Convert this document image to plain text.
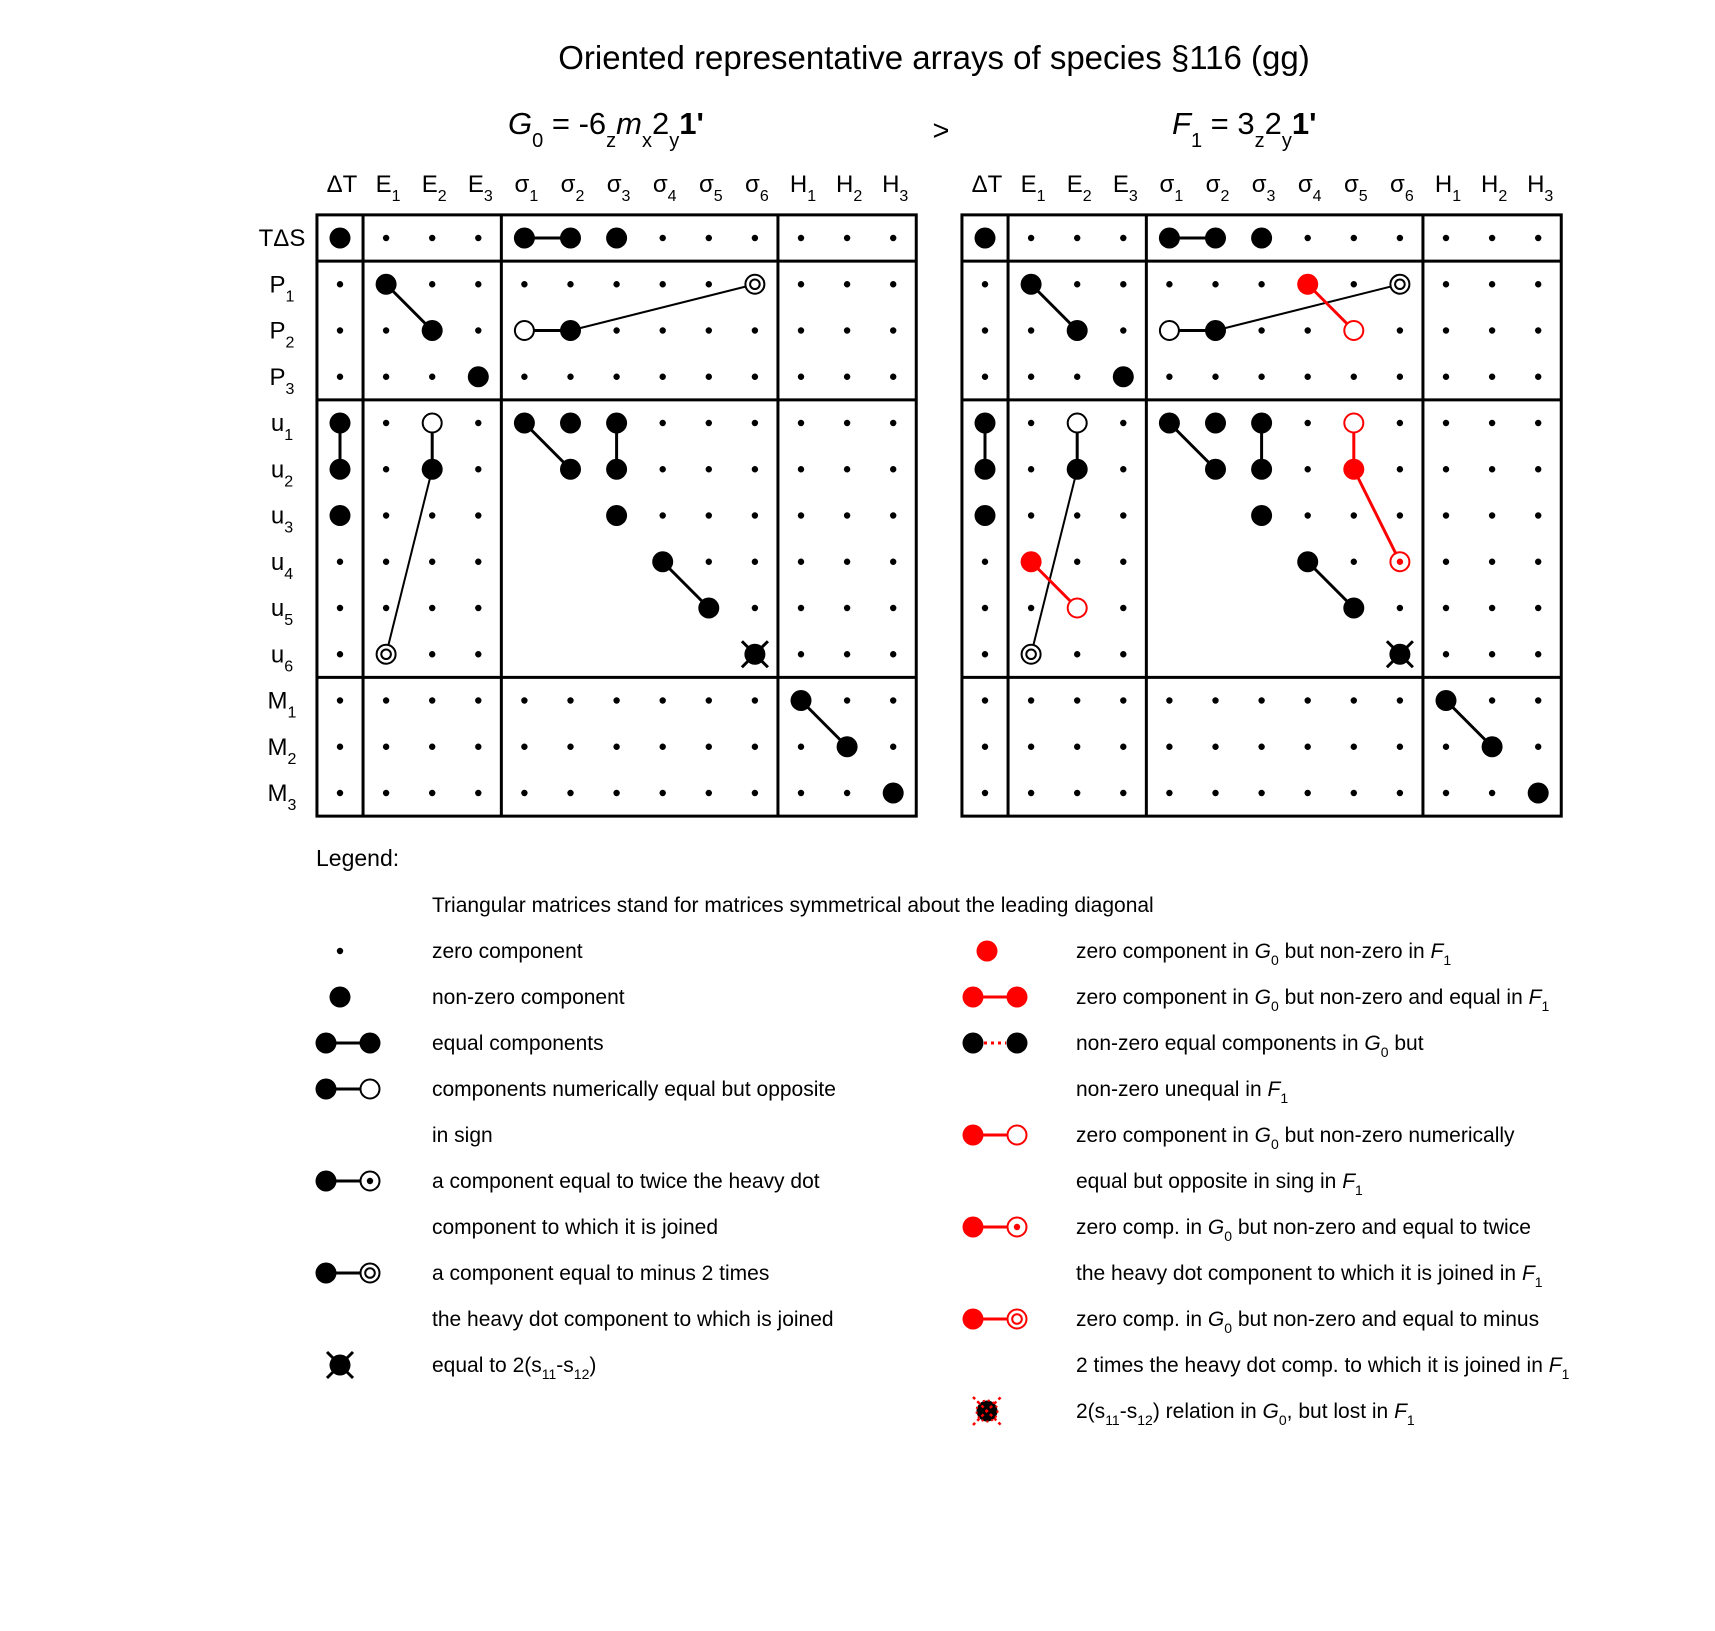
Oriented representative arrays of species §116 (gg)
$G_0 = -6_zm_x2_y1'$	>	$F_1 = 3_z2_y1'$
ΔT $E_1$ $E_2$ $E_3$ $\sigma_1$ $\sigma_2$ $\sigma_3$ $\sigma_4$ $\sigma_5$ $\sigma_6$ $H_1$ $H_2$ $H_3$
TΔS
$P_1$
$P_2$
$P_3$
$u_1$
$u_2$
$u_3$
$u_4$
$u_5$
$u_6$
$M_1$
$M_2$
$M_3$
ΔT $E_1$ $E_2$ $E_3$ $\sigma_1$ $\sigma_2$ $\sigma_3$ $\sigma_4$ $\sigma_5$ $\sigma_6$ $H_1$ $H_2$ $H_3$
Legend:
Triangular matrices stand for matrices symmetrical about the leading diagonal
zero component
non-zero component
equal components
components numerically equal but opposite
in sign
a component equal to twice the heavy dot
component to which it is joined
a component equal to minus 2 times
the heavy dot component to which is joined
equal to $2(s_{11}-s_{12})$
zero component in $G_0$ but non-zero in $F_1$
zero component in $G_0$ but non-zero and equal in $F_1$
non-zero equal components in $G_0$ but
non-zero unequal in $F_1$
zero component in $G_0$ but non-zero numerically
equal but opposite in sing in $F_1$
zero comp. in $G_0$ but non-zero and equal to twice
the heavy dot component to which it is joined in $F_1$
zero comp. in $G_0$ but non-zero and equal to minus
2 times the heavy dot comp. to which it is joined in $F_1$
$2(s_{11}-s_{12})$ relation in $G_0$, but lost in $F_1$
